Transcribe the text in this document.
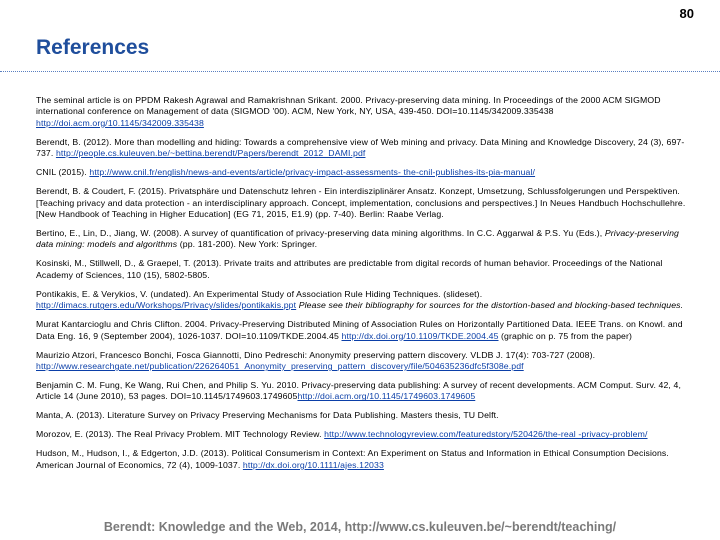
80
References

The seminal article is on PPDM Rakesh Agrawal and Ramakrishnan Srikant. 2000. Privacy-preserving data mining. In Proceedings of the 2000 ACM SIGMOD international conference on Management of data (SIGMOD '00). ACM, New York, NY, USA, 439-450. DOI=10.1145/342009.335438 http://doi.acm.org/10.1145/342009.335438

Berendt, B. (2012). More than modelling and hiding: Towards a comprehensive view of Web mining and privacy. Data Mining and Knowledge Discovery, 24 (3), 697-737. http://people.cs.kuleuven.be/~bettina.berendt/Papers/berendt_2012_DAMI.pdf

CNIL (2015). http://www.cnil.fr/english/news-and-events/article/privacy-impact-assessments- the-cnil-publishes-its-pia-manual/

Berendt, B. & Coudert, F. (2015). Privatsphäre und Datenschutz lehren - Ein interdisziplinärer Ansatz. Konzept, Umsetzung, Schlussfolgerungen und Perspektiven. [Teaching privacy and data protection - an interdisciplinary approach. Concept, implementation, conclusions and perspectives.] In Neues Handbuch Hochschullehre. [New Handbook of Teaching in Higher Education] (EG 71, 2015, E1.9) (pp. 7-40). Berlin: Raabe Verlag.

Bertino, E., Lin, D., Jiang, W. (2008). A survey of quantification of privacy-preserving data mining algorithms. In C.C. Aggarwal & P.S. Yu (Eds.), Privacy-preserving data mining: models and algorithms (pp. 181-200). New York: Springer.

Kosinski, M., Stillwell, D., & Graepel, T. (2013). Private traits and attributes are predictable from digital records of human behavior. Proceedings of the National Academy of Sciences, 110 (15), 5802-5805.

Pontikakis, E. & Verykios, V. (undated). An Experimental Study of Association Rule Hiding Techniques. (slideset). http://dimacs.rutgers.edu/Workshops/Privacy/slides/pontikakis.ppt Please see their bibliography for sources for the distortion-based and blocking-based techniques.

Murat Kantarcioglu and Chris Clifton. 2004. Privacy-Preserving Distributed Mining of Association Rules on Horizontally Partitioned Data. IEEE Trans. on Knowl. and Data Eng. 16, 9 (September 2004), 1026-1037. DOI=10.1109/TKDE.2004.45 http://dx.doi.org/10.1109/TKDE.2004.45 (graphic on p. 75 from the paper)

Maurizio Atzori, Francesco Bonchi, Fosca Giannotti, Dino Pedreschi: Anonymity preserving pattern discovery. VLDB J. 17(4): 703-727 (2008). http://www.researchgate.net/publication/226264051_Anonymity_preserving_pattern_discovery/file/504635236dfc5f308e.pdf

Benjamin C. M. Fung, Ke Wang, Rui Chen, and Philip S. Yu. 2010. Privacy-preserving data publishing: A survey of recent developments. ACM Comput. Surv. 42, 4, Article 14 (June 2010), 53 pages. DOI=10.1145/1749603.1749605http://doi.acm.org/10.1145/1749603.1749605

Manta, A. (2013). Literature Survey on Privacy Preserving Mechanisms for Data Publishing. Masters thesis, TU Delft.

Morozov, E. (2013). The Real Privacy Problem. MIT Technology Review. http://www.technologyreview.com/featuredstory/520426/the-real -privacy-problem/

Hudson, M., Hudson, I., & Edgerton, J.D. (2013). Political Consumerism in Context: An Experiment on Status and Information in Ethical Consumption Decisions. American Journal of Economics, 72 (4), 1009-1037. http://dx.doi.org/10.1111/ajes.12033

Berendt: Knowledge and the Web, 2014, http://www.cs.kuleuven.be/~berendt/teaching/
